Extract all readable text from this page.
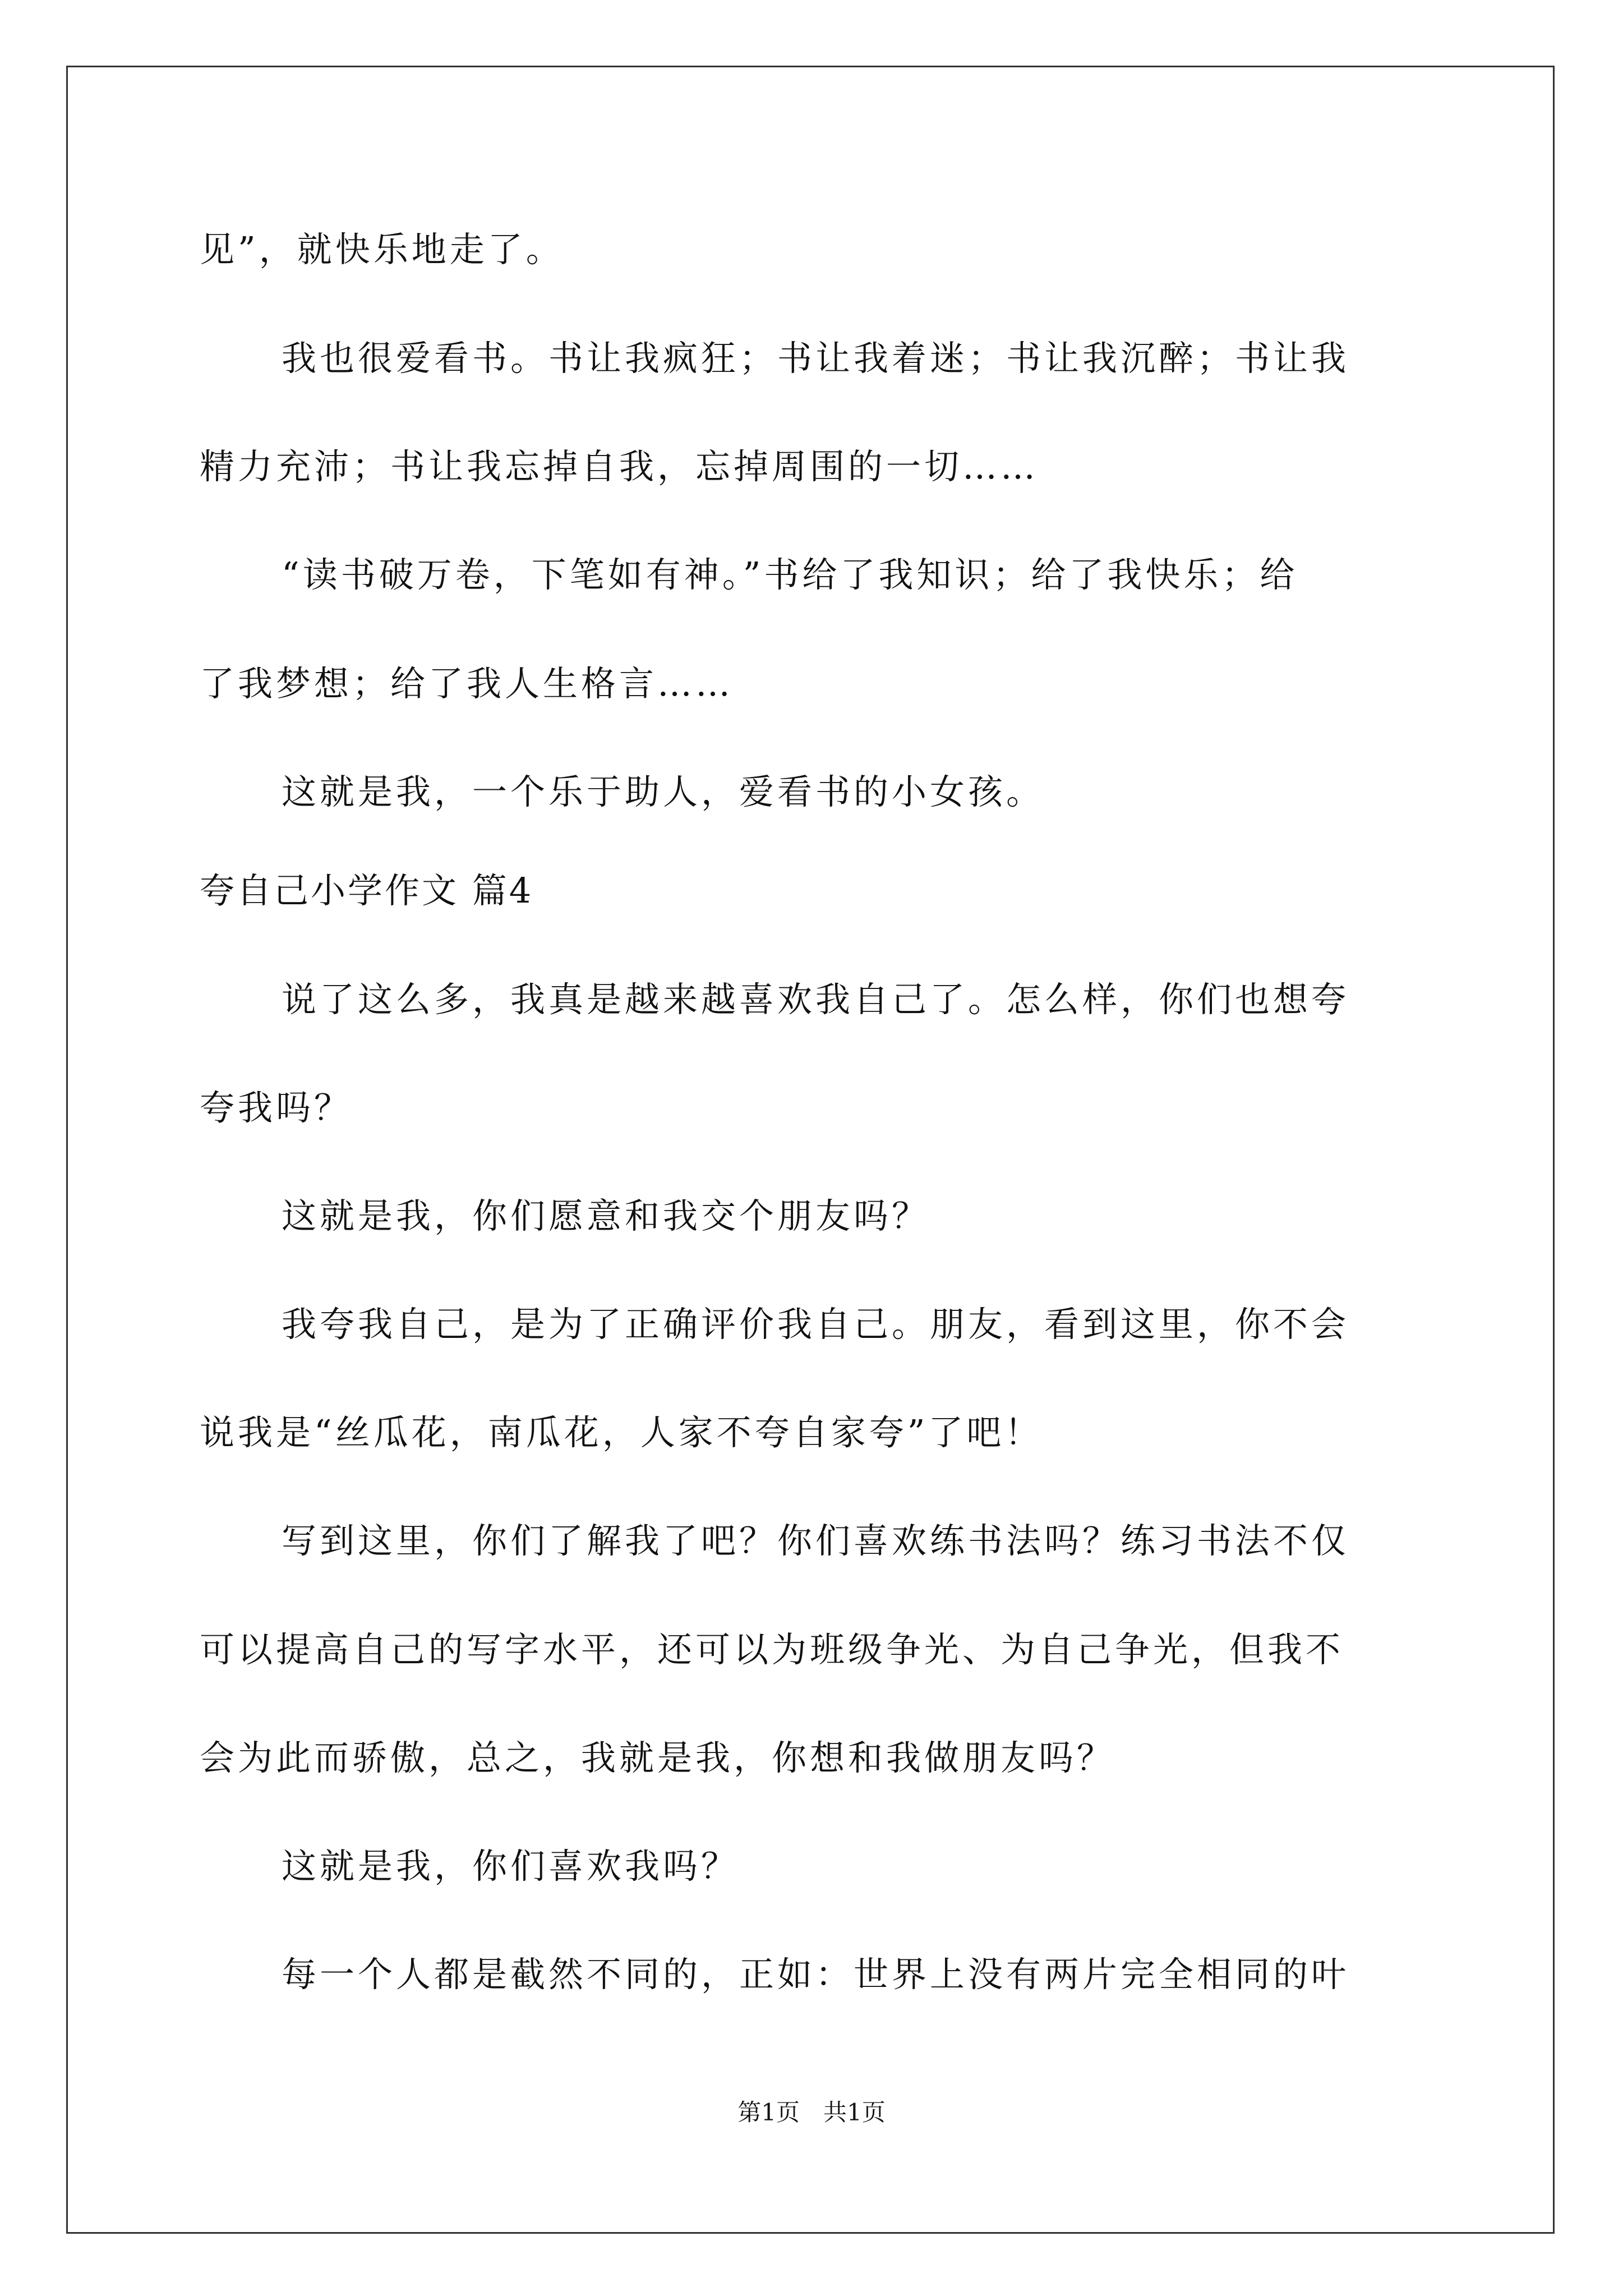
见”，就快乐地走了。
我也很爱看书。书让我疯狂；书让我着迷；书让我沉醉；书让我
精力充沛；书让我忘掉自我，忘掉周围的一切……
“读书破万卷，下笔如有神。”书给了我知识；给了我快乐；给
了我梦想；给了我人生格言……
这就是我，一个乐于助人，爱看书的小女孩。
夸自己小学作文 篇4
说了这么多，我真是越来越喜欢我自己了。怎么样，你们也想夸
夸我吗？
这就是我，你们愿意和我交个朋友吗？
我夸我自己，是为了正确评价我自己。朋友，看到这里，你不会
说我是“丝瓜花，南瓜花，人家不夸自家夸”了吧！
写到这里，你们了解我了吧？你们喜欢练书法吗？练习书法不仅
可以提高自己的写字水平，还可以为班级争光、为自己争光，但我不
会为此而骄傲，总之，我就是我，你想和我做朋友吗？
这就是我，你们喜欢我吗？
每一个人都是截然不同的，正如：世界上没有两片完全相同的叶
第1页　共1页
